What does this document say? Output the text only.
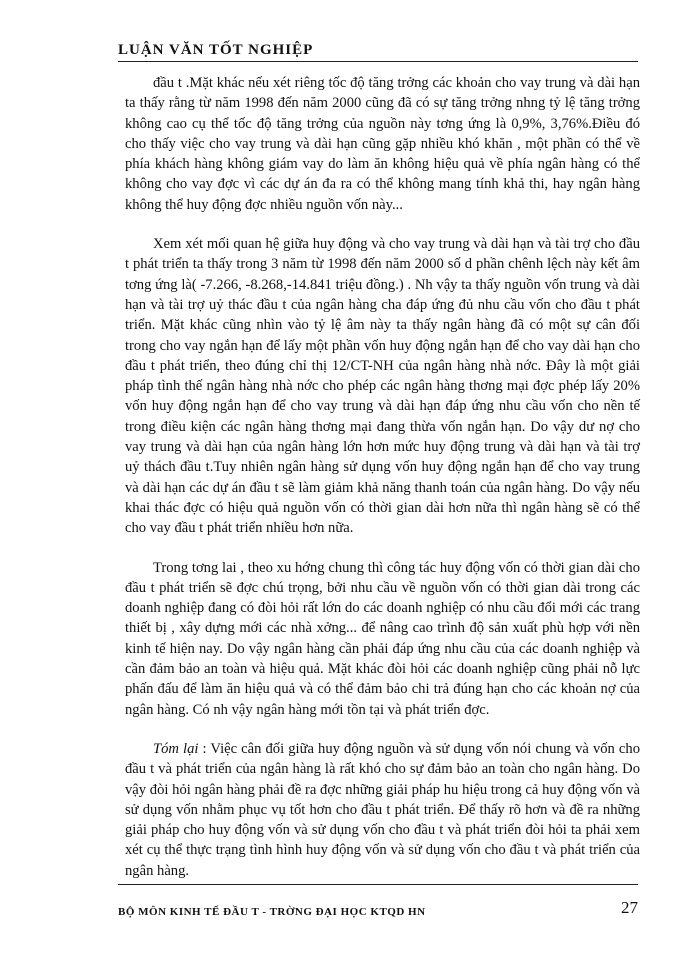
LUẬN VĂN TỐT NGHIỆP

đầu t .Mặt khác nếu xét riêng tốc độ tăng trởng các khoản cho vay trung và dài hạn ta thấy rằng từ năm 1998 đến năm 2000 cũng đã có sự tăng trởng nhng tỷ lệ tăng trởng không cao cụ thể tốc độ tăng trởng của nguồn này tơng ứng là 0,9%, 3,76%.Điều đó cho thấy việc cho vay trung và dài hạn cũng gặp nhiều khó khăn , một phần có thể về phía khách hàng không giám vay do làm ăn không hiệu quả về phía ngân hàng có thể không cho vay đợc vì các dự án đa ra có thể không mang tính khả thi, hay ngân hàng không thể huy động đợc nhiều nguồn vốn này...

Xem xét mối quan hệ giữa huy động và cho vay trung và dài hạn và tài trợ cho đầu t phát triển ta thấy trong 3 năm từ 1998 đến năm 2000 số d phần chênh lệch này kết âm tơng ứng là( -7.266, -8.268,-14.841 triệu đồng.) . Nh vậy ta thấy nguồn vốn trung và dài hạn và tài trợ uỷ thác đầu t của ngân hàng cha đáp ứng đủ nhu cầu vốn cho đầu t phát triển. Mặt khác cũng nhìn vào tỷ lệ âm này ta thấy ngân hàng đã có một sự cân đối trong cho vay ngắn hạn để lấy một phần vốn huy động ngắn hạn để cho vay dài hạn cho đầu t phát triển, theo đúng chỉ thị 12/CT-NH của ngân hàng nhà nớc. Đây là một giải pháp tình thế ngân hàng nhà nớc cho phép các ngân hàng thơng mại đợc phép lấy 20% vốn huy động ngắn hạn để cho vay trung và dài hạn đáp ứng nhu cầu vốn cho nền tế trong điều kiện các ngân hàng thơng mại đang thừa vốn ngắn hạn. Do vậy dư nợ cho vay trung và dài hạn của ngân hàng lớn hơn mức huy động trung và dài hạn và tài trợ uỷ thách đầu t.Tuy nhiên ngân hàng sử dụng vốn huy động ngắn hạn để cho vay trung và dài hạn các dự án đầu t sẽ làm giảm khả năng thanh toán của ngân hàng. Do vậy nếu khai thác đợc có hiệu quả nguồn vốn có thời gian dài hơn nữa thì ngân hàng sẽ có thể cho vay đầu t phát triển nhiều hơn nữa.

Trong tơng lai , theo xu hớng chung thì công tác huy động vốn có thời gian dài cho đầu t phát triển sẽ đợc chú trọng, bởi nhu cầu về nguồn vốn có thời gian dài trong các doanh nghiệp đang có đòi hỏi rất lớn do các doanh nghiệp có nhu cầu đổi mới các trang thiết bị , xây dựng mới các nhà xởng... để nâng cao trình độ sản xuất phù hợp với nền kinh tế hiện nay. Do vậy ngân hàng cần phải đáp ứng nhu cầu của các doanh nghiệp và cần đảm bảo an toàn và hiệu quả. Mặt khác đòi hỏi các doanh nghiệp cũng phải nỗ lực phấn đấu để làm ăn hiệu quả và có thể đảm bảo chi trả đúng hạn cho các khoản nợ của ngân hàng. Có nh vậy ngân hàng mới tồn tại và phát triển đợc.

Tóm lại : Việc cân đối giữa huy động nguồn và sử dụng vốn nói chung và vốn cho đầu t và phát triển của ngân hàng là rất khó cho sự đảm bảo an toàn cho ngân hàng. Do vậy đòi hỏi ngân hàng phải đề ra đợc những giải pháp hu hiệu trong cả huy động vốn và sử dụng vốn nhằm phục vụ tốt hơn cho đầu t phát triển. Để thấy rõ hơn và đề ra những giải pháp cho huy động vốn và sử dụng vốn cho đầu t và phát triển đòi hỏi ta phải xem xét cụ thể thực trạng tình hình huy động vốn và sử dụng vốn cho đầu t và phát triển của ngân hàng.

BỘ MÔN KINH TẾ ĐẦU T - TRỜNG ĐẠI HỌC KTQD HN	27
